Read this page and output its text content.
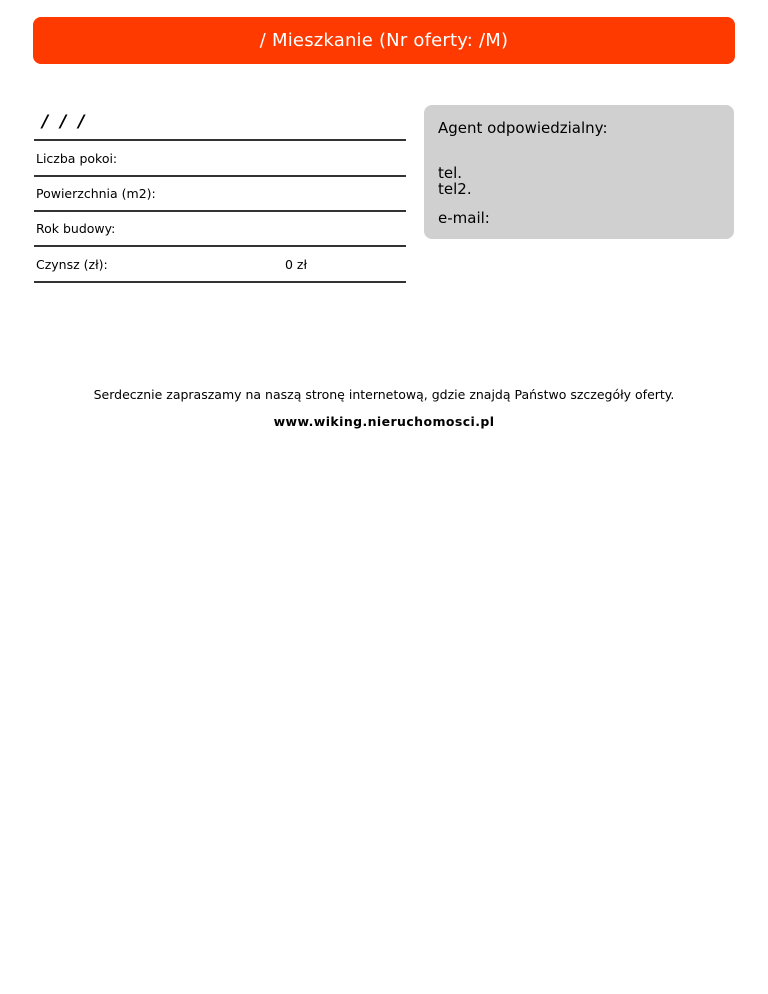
/ Mieszkanie (Nr oferty: /M)
/ / /
Liczba pokoi:
Powierzchnia (m2):
Rok budowy:
Czynsz (zł):	0 zł
Agent odpowiedzialny:
tel.
tel2.
e-mail:
Serdecznie zapraszamy na naszą stronę internetową, gdzie znajdą Państwo szczegóły oferty.
www.wiking.nieruchomosci.pl
